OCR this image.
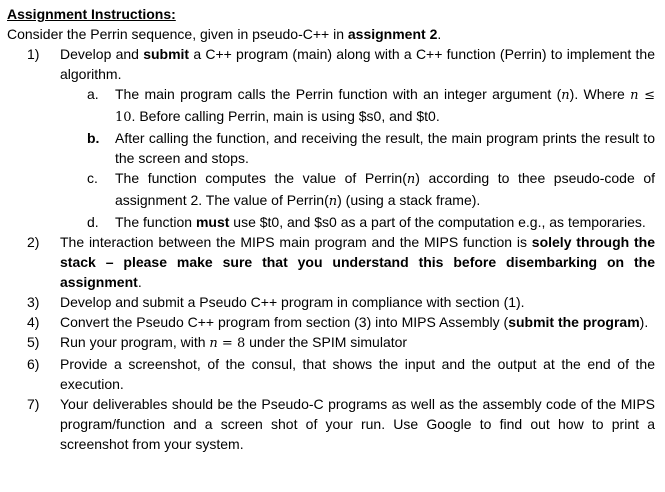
Assignment Instructions:
Consider the Perrin sequence, given in pseudo-C++ in assignment 2.
1) Develop and submit a C++ program (main) along with a C++ function (Perrin) to implement the algorithm.
a. The main program calls the Perrin function with an integer argument (n). Where n ≤ 10. Before calling Perrin, main is using $s0, and $t0.
b. After calling the function, and receiving the result, the main program prints the result to the screen and stops.
c. The function computes the value of Perrin(n) according to thee pseudo-code of assignment 2. The value of Perrin(n) (using a stack frame).
d. The function must use $t0, and $s0 as a part of the computation e.g., as temporaries.
2) The interaction between the MIPS main program and the MIPS function is solely through the stack – please make sure that you understand this before disembarking on the assignment.
3) Develop and submit a Pseudo C++ program in compliance with section (1).
4) Convert the Pseudo C++ program from section (3) into MIPS Assembly (submit the program).
5) Run your program, with n = 8 under the SPIM simulator
6) Provide a screenshot, of the consul, that shows the input and the output at the end of the execution.
7) Your deliverables should be the Pseudo-C programs as well as the assembly code of the MIPS program/function and a screen shot of your run. Use Google to find out how to print a screenshot from your system.
